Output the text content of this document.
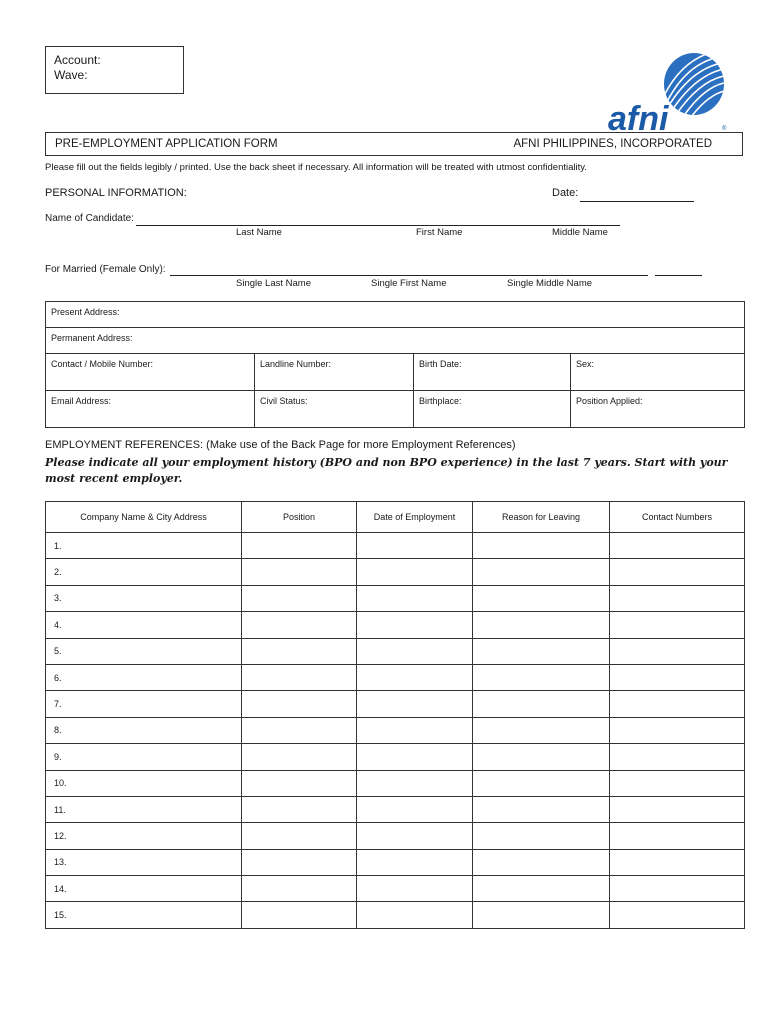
Account:
Wave:
afni	®
PRE-EMPLOYMENT APPLICATION FORM	AFNI PHILIPPINES, INCORPORATED
Please fill out the fields legibly / printed. Use the back sheet if necessary. All information will be treated with utmost confidentiality.
PERSONAL INFORMATION:	Date:
Name of Candidate:
Last Name	First Name	Middle Name
For Married (Female Only):
Single Last Name	Single First Name	Single Middle Name
Present Address:			
Permanent Address:			
Contact / Mobile Number:	Landline Number:	Birth Date:	Sex:
Email Address:	Civil Status:	Birthplace:	Position Applied:
EMPLOYMENT REFERENCES: (Make use of the Back Page for more Employment References)
Please indicate all your employment history (BPO and non BPO experience) in the last 7 years. Start with your most recent employer.
Company Name & City Address	Position	Date of Employment	Reason for Leaving	Contact Numbers
1.				
2.				
3.				
4.				
5.				
6.				
7.				
8.				
9.				
10.				
11.				
12.				
13.				
14.				
15.				
